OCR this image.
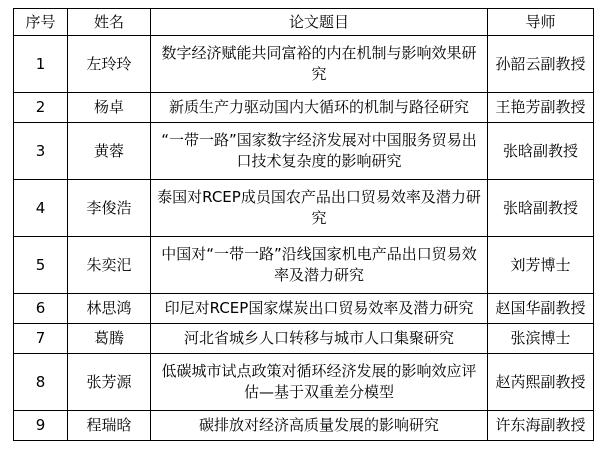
序号	姓名	论文题目	导师
1	左玲玲	数字经济赋能共同富裕的内在机制与影响效果研究	孙韶云副教授
2	杨卓	新质生产力驱动国内大循环的机制与路径研究	王艳芳副教授
3	黄蓉	“一带一路”国家数字经济发展对中国服务贸易出口技术复杂度的影响研究	张晗副教授
4	李俊浩	泰国对RCEP成员国农产品出口贸易效率及潜力研究	张晗副教授
5	朱奕汜	中国对“一带一路”沿线国家机电产品出口贸易效率及潜力研究	刘芳博士
6	林思鸿	印尼对RCEP国家煤炭出口贸易效率及潜力研究	赵国华副教授
7	葛腾	河北省城乡人口转移与城市人口集聚研究	张滨博士
8	张芳源	低碳城市试点政策对循环经济发展的影响效应评估—基于双重差分模型	赵芮熙副教授
9	程瑞晗	碳排放对经济高质量发展的影响研究	许东海副教授
